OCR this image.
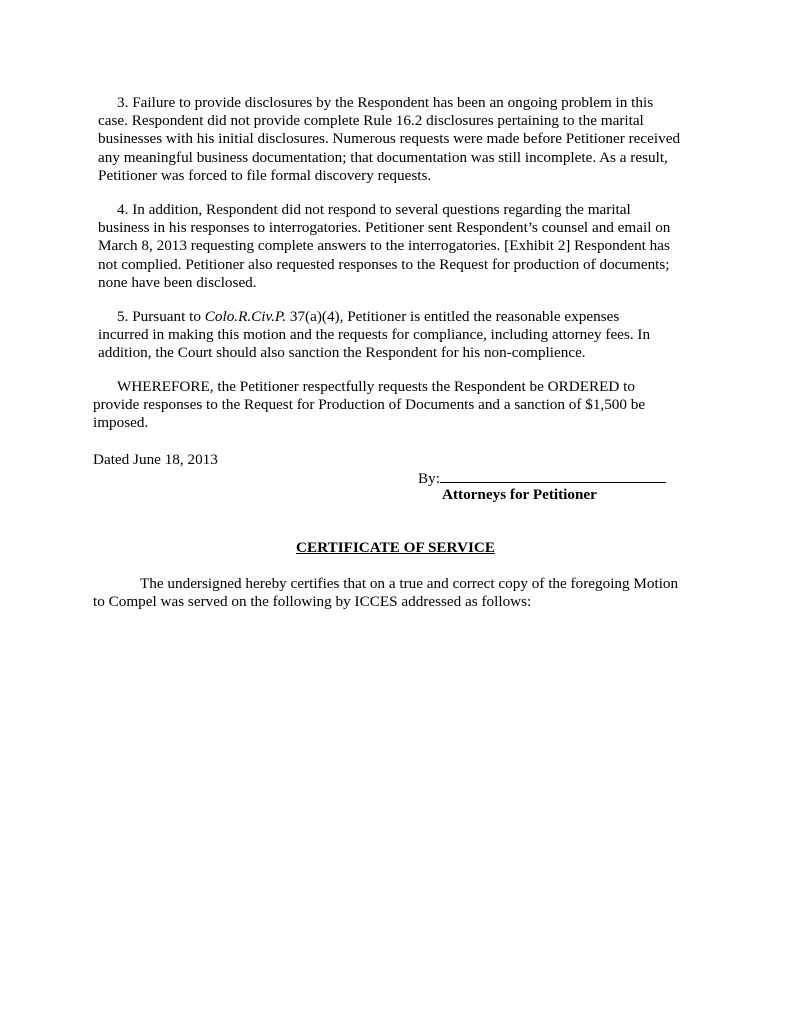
3. Failure to provide disclosures by the Respondent has been an ongoing problem in this
case. Respondent did not provide complete Rule 16.2 disclosures pertaining to the marital
businesses with his initial disclosures. Numerous requests were made before Petitioner received
any meaningful business documentation; that documentation was still incomplete. As a result,
Petitioner was forced to file formal discovery requests.
4. In addition, Respondent did not respond to several questions regarding the marital
business in his responses to interrogatories. Petitioner sent Respondent’s counsel and email on
March 8, 2013 requesting complete answers to the interrogatories. [Exhibit 2] Respondent has
not complied. Petitioner also requested responses to the Request for production of documents;
none have been disclosed.
5. Pursuant to Colo.R.Civ.P. 37(a)(4), Petitioner is entitled the reasonable expenses
incurred in making this motion and the requests for compliance, including attorney fees. In
addition, the Court should also sanction the Respondent for his non-complience.
WHEREFORE, the Petitioner respectfully requests the Respondent be ORDERED to
provide responses to the Request for Production of Documents and a sanction of $1,500 be
imposed.

Dated June 18, 2013

By:

Attorneys for Petitioner

CERTIFICATE OF SERVICE

The undersigned hereby certifies that on a true and correct copy of the foregoing Motion
to Compel was served on the following by ICCES addressed as follows:
